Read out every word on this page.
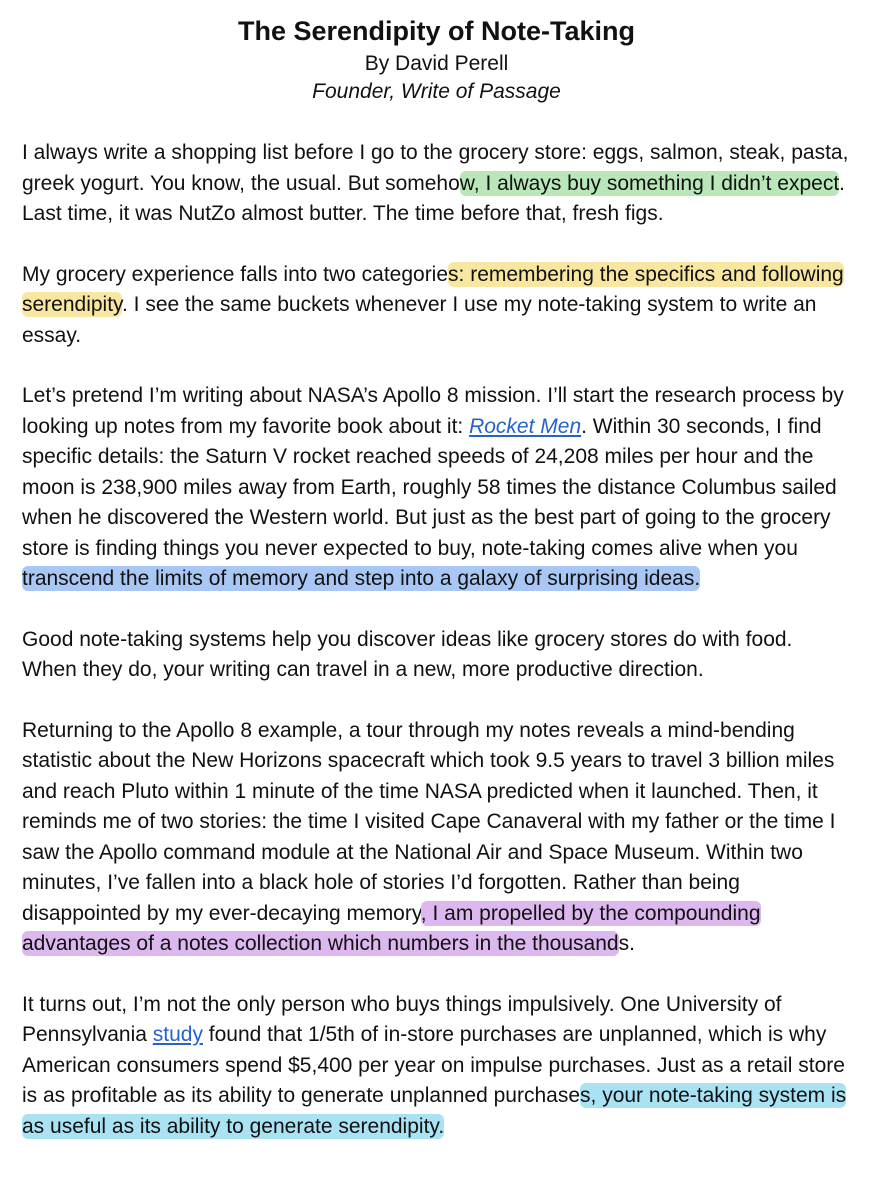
The Serendipity of Note-Taking

By David Perell

Founder, Write of Passage

I always write a shopping list before I go to the grocery store: eggs, salmon, steak, pasta, greek yogurt. You know, the usual. But somehow, I always buy something I didn’t expect. Last time, it was NutZo almost butter. The time before that, fresh figs.

My grocery experience falls into two categories: remembering the specifics and following serendipity. I see the same buckets whenever I use my note-taking system to write an essay.

Let’s pretend I’m writing about NASA’s Apollo 8 mission. I’ll start the research process by looking up notes from my favorite book about it: Rocket Men. Within 30 seconds, I find specific details: the Saturn V rocket reached speeds of 24,208 miles per hour and the moon is 238,900 miles away from Earth, roughly 58 times the distance Columbus sailed when he discovered the Western world. But just as the best part of going to the grocery store is finding things you never expected to buy, note-taking comes alive when you transcend the limits of memory and step into a galaxy of surprising ideas.

Good note-taking systems help you discover ideas like grocery stores do with food. When they do, your writing can travel in a new, more productive direction.

Returning to the Apollo 8 example, a tour through my notes reveals a mind-bending statistic about the New Horizons spacecraft which took 9.5 years to travel 3 billion miles and reach Pluto within 1 minute of the time NASA predicted when it launched. Then, it reminds me of two stories: the time I visited Cape Canaveral with my father or the time I saw the Apollo command module at the National Air and Space Museum. Within two minutes, I’ve fallen into a black hole of stories I’d forgotten. Rather than being disappointed by my ever-decaying memory, I am propelled by the compounding advantages of a notes collection which numbers in the thousands.

It turns out, I’m not the only person who buys things impulsively. One University of Pennsylvania study found that 1/5th of in-store purchases are unplanned, which is why American consumers spend $5,400 per year on impulse purchases. Just as a retail store is as profitable as its ability to generate unplanned purchases, your note-taking system is as useful as its ability to generate serendipity.
